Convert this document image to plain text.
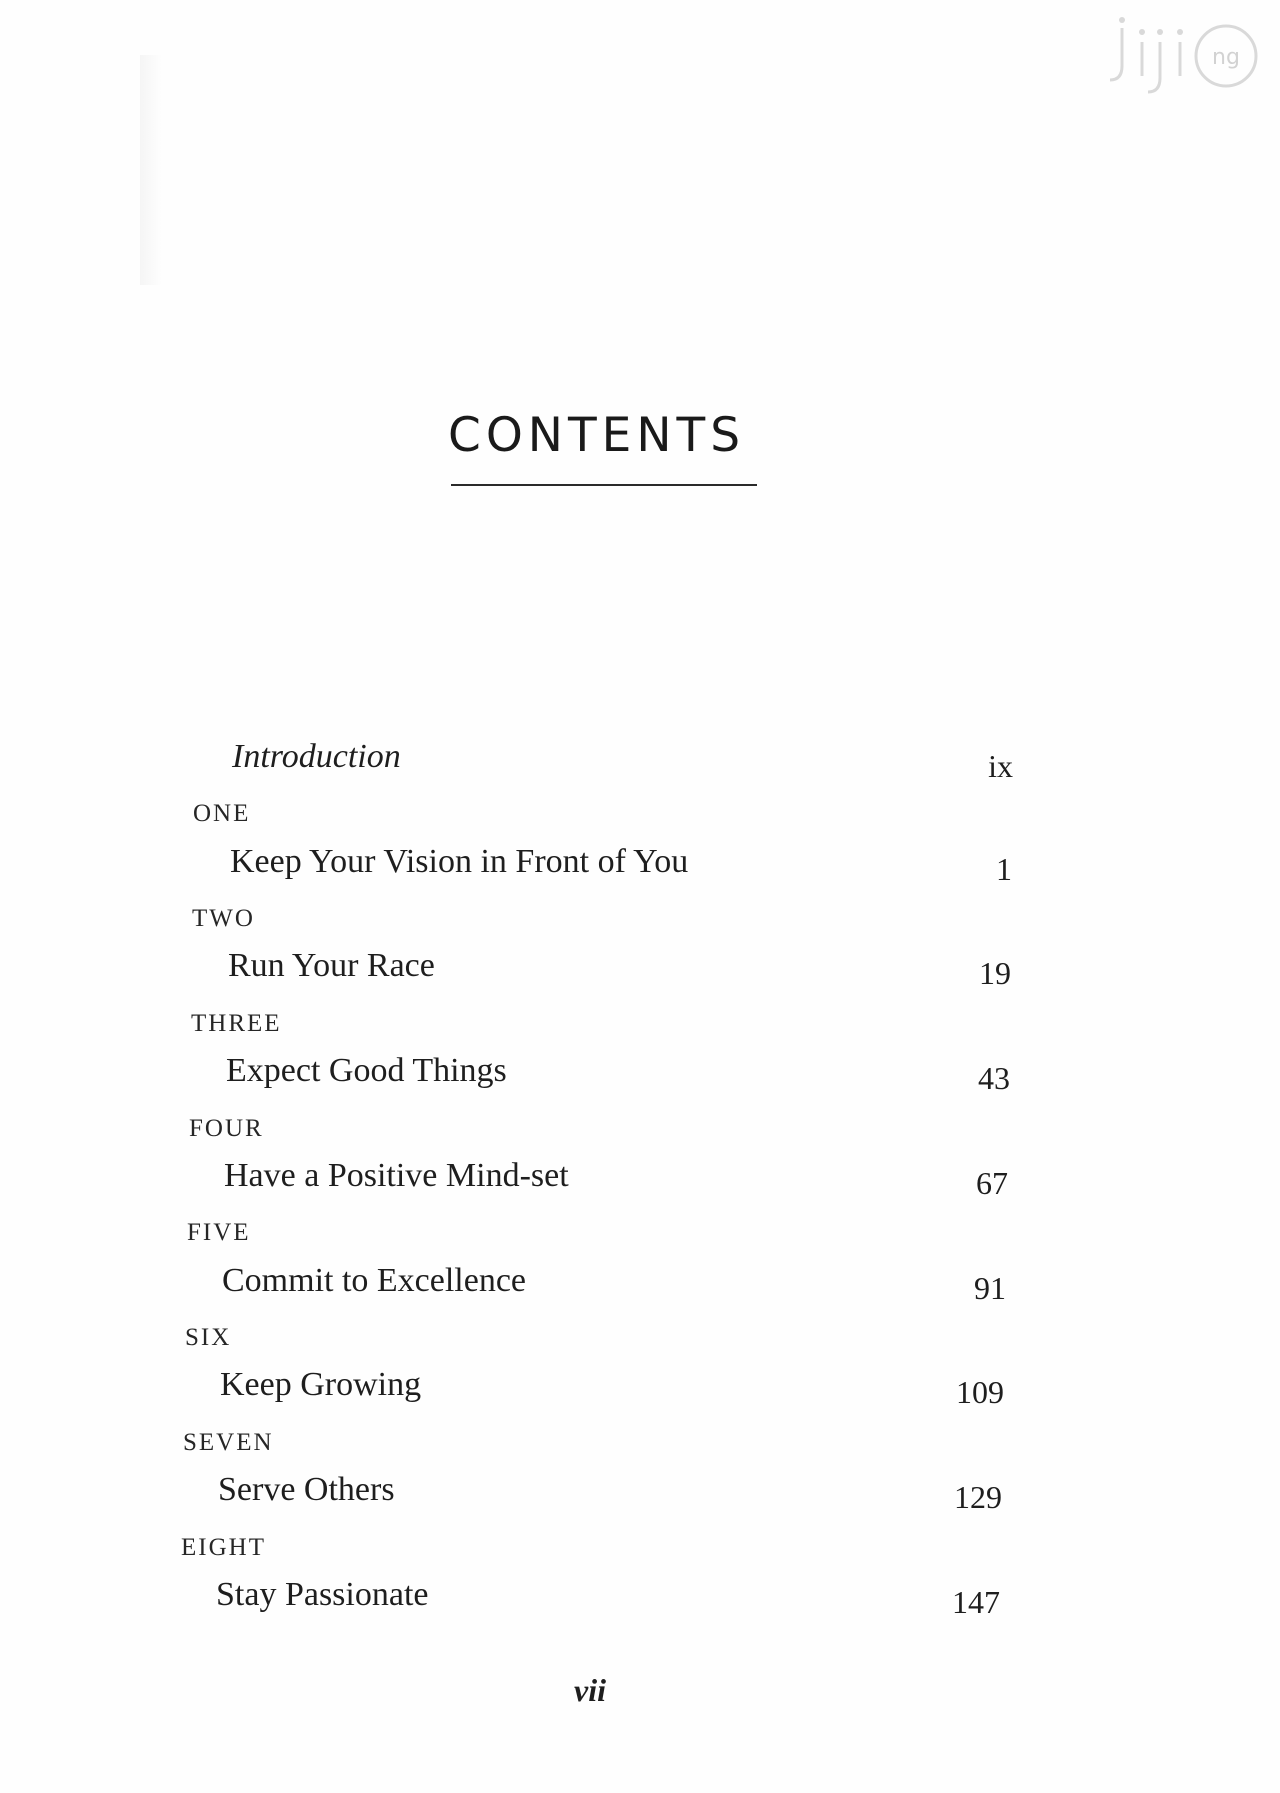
ng
CONTENTS
Introduction	ix
ONE
Keep Your Vision in Front of You	1
TWO
Run Your Race	19
THREE
Expect Good Things	43
FOUR
Have a Positive Mind-set	67
FIVE
Commit to Excellence	91
SIX
Keep Growing	109
SEVEN
Serve Others	129
EIGHT
Stay Passionate	147
vii
